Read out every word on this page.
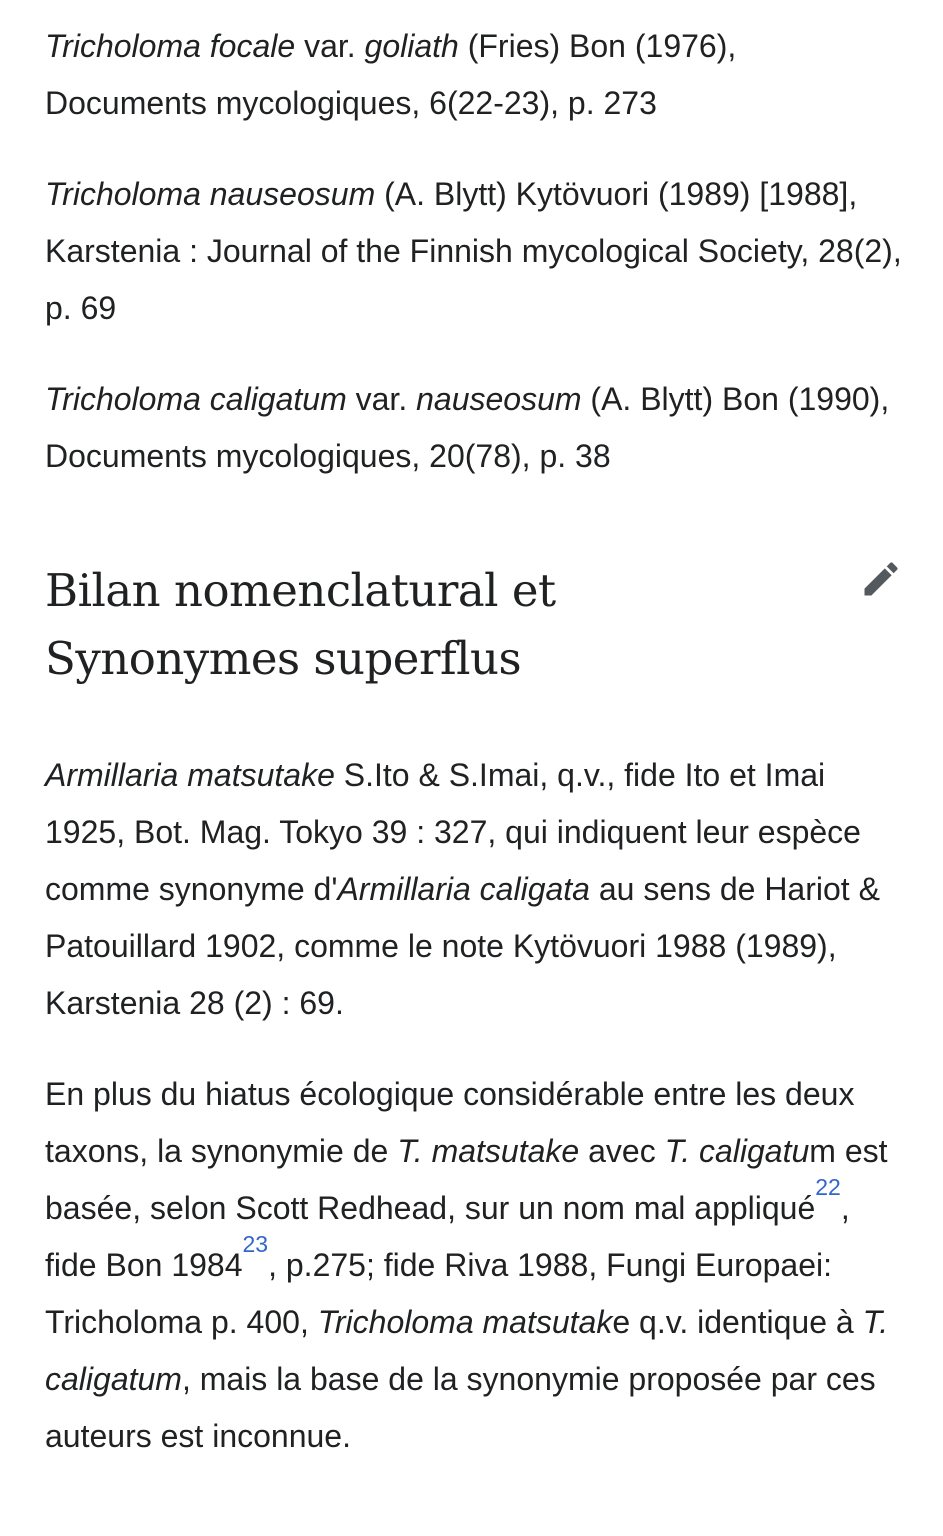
Tricholoma focale var. goliath (Fries) Bon (1976), Documents mycologiques, 6(22-23), p. 273

Tricholoma nauseosum (A. Blytt) Kytövuori (1989) [1988], Karstenia : Journal of the Finnish mycological Society, 28(2), p. 69

Tricholoma caligatum var. nauseosum (A. Blytt) Bon (1990), Documents mycologiques, 20(78), p. 38

Bilan nomenclatural et
Synonymes superflus

Armillaria matsutake S.Ito & S.Imai, q.v., fide Ito et Imai 1925, Bot. Mag. Tokyo 39 : 327, qui indiquent leur espèce comme synonyme d'Armillaria caligata au sens de Hariot & Patouillard 1902, comme le note Kytövuori 1988 (1989), Karstenia 28 (2) : 69.

En plus du hiatus écologique considérable entre les deux taxons, la synonymie de T. matsutake avec T. caligatum est basée, selon Scott Redhead, sur un nom mal appliqué$^{22}$, fide Bon 1984$^{23}$, p.275; fide Riva 1988, Fungi Europaei: Tricholoma p. 400, Tricholoma matsutake q.v. identique à T. caligatum, mais la base de la synonymie proposée par ces auteurs est inconnue.
